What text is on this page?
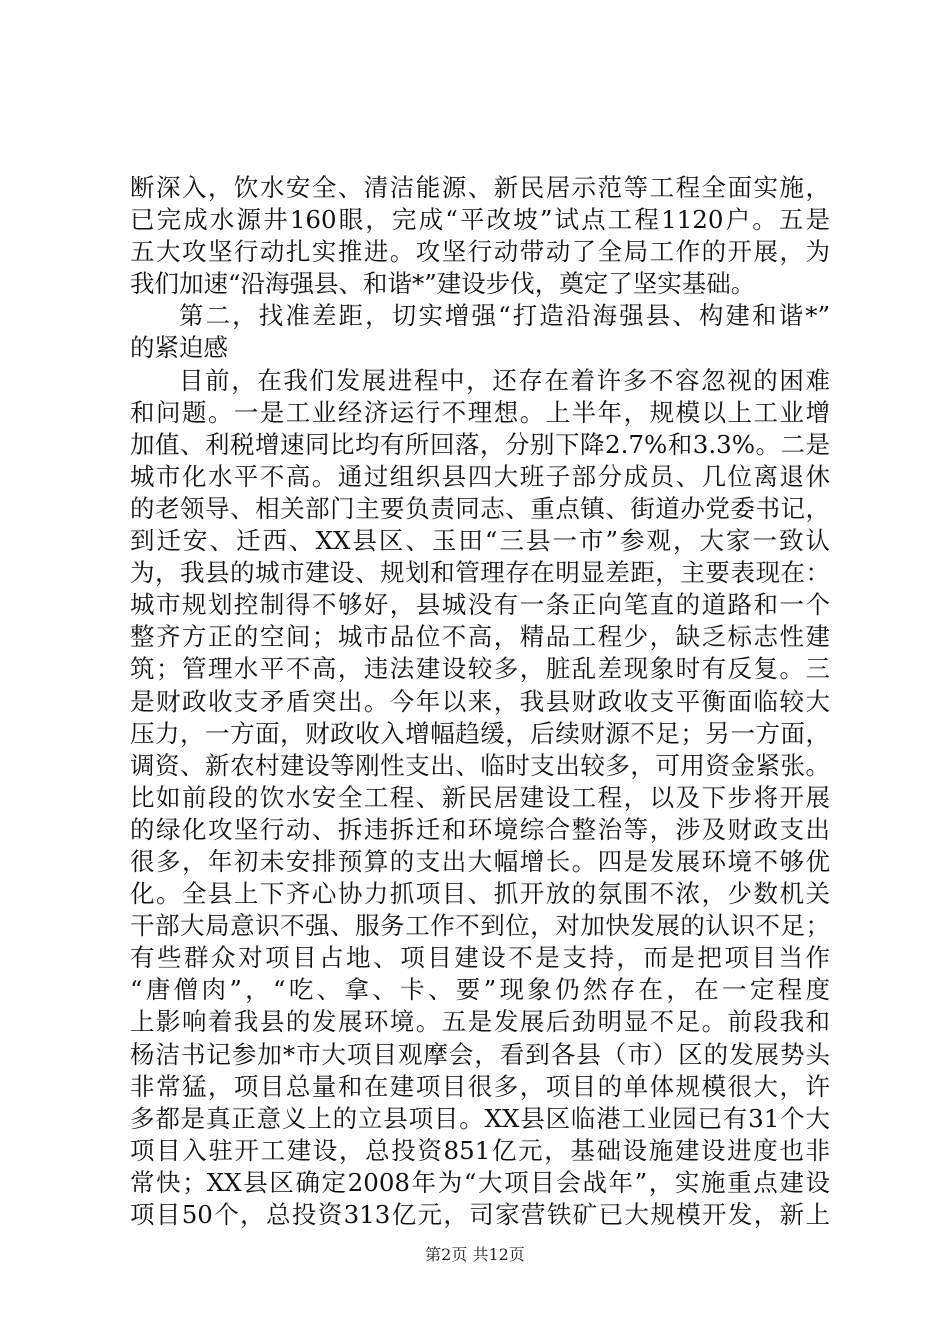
断深入，饮水安全、清洁能源、新民居示范等工程全面实施，
已完成水源井160眼，完成“平改坡”试点工程1120户。五是
五大攻坚行动扎实推进。攻坚行动带动了全局工作的开展，为
我们加速“沿海强县、和谐*”建设步伐，奠定了坚实基础。
第二，找准差距，切实增强“打造沿海强县、构建和谐*”
的紧迫感
目前，在我们发展进程中，还存在着许多不容忽视的困难
和问题。一是工业经济运行不理想。上半年，规模以上工业增
加值、利税增速同比均有所回落，分别下降2.7%和3.3%。二是
城市化水平不高。通过组织县四大班子部分成员、几位离退休
的老领导、相关部门主要负责同志、重点镇、街道办党委书记，
到迁安、迁西、XX县区、玉田“三县一市”参观，大家一致认
为，我县的城市建设、规划和管理存在明显差距，主要表现在：
城市规划控制得不够好，县城没有一条正向笔直的道路和一个
整齐方正的空间；城市品位不高，精品工程少，缺乏标志性建
筑；管理水平不高，违法建设较多，脏乱差现象时有反复。三
是财政收支矛盾突出。今年以来，我县财政收支平衡面临较大
压力，一方面，财政收入增幅趋缓，后续财源不足；另一方面，
调资、新农村建设等刚性支出、临时支出较多，可用资金紧张。
比如前段的饮水安全工程、新民居建设工程，以及下步将开展
的绿化攻坚行动、拆违拆迁和环境综合整治等，涉及财政支出
很多，年初未安排预算的支出大幅增长。四是发展环境不够优
化。全县上下齐心协力抓项目、抓开放的氛围不浓，少数机关
干部大局意识不强、服务工作不到位，对加快发展的认识不足；
有些群众对项目占地、项目建设不是支持，而是把项目当作
“唐僧肉”，“吃、拿、卡、要”现象仍然存在，在一定程度
上影响着我县的发展环境。五是发展后劲明显不足。前段我和
杨洁书记参加*市大项目观摩会，看到各县（市）区的发展势头
非常猛，项目总量和在建项目很多，项目的单体规模很大，许
多都是真正意义上的立县项目。XX县区临港工业园已有31个大
项目入驻开工建设，总投资851亿元，基础设施建设进度也非
常快；XX县区确定2008年为“大项目会战年”，实施重点建设
项目50个，总投资313亿元，司家营铁矿已大规模开发，新上
第2页 共12页
